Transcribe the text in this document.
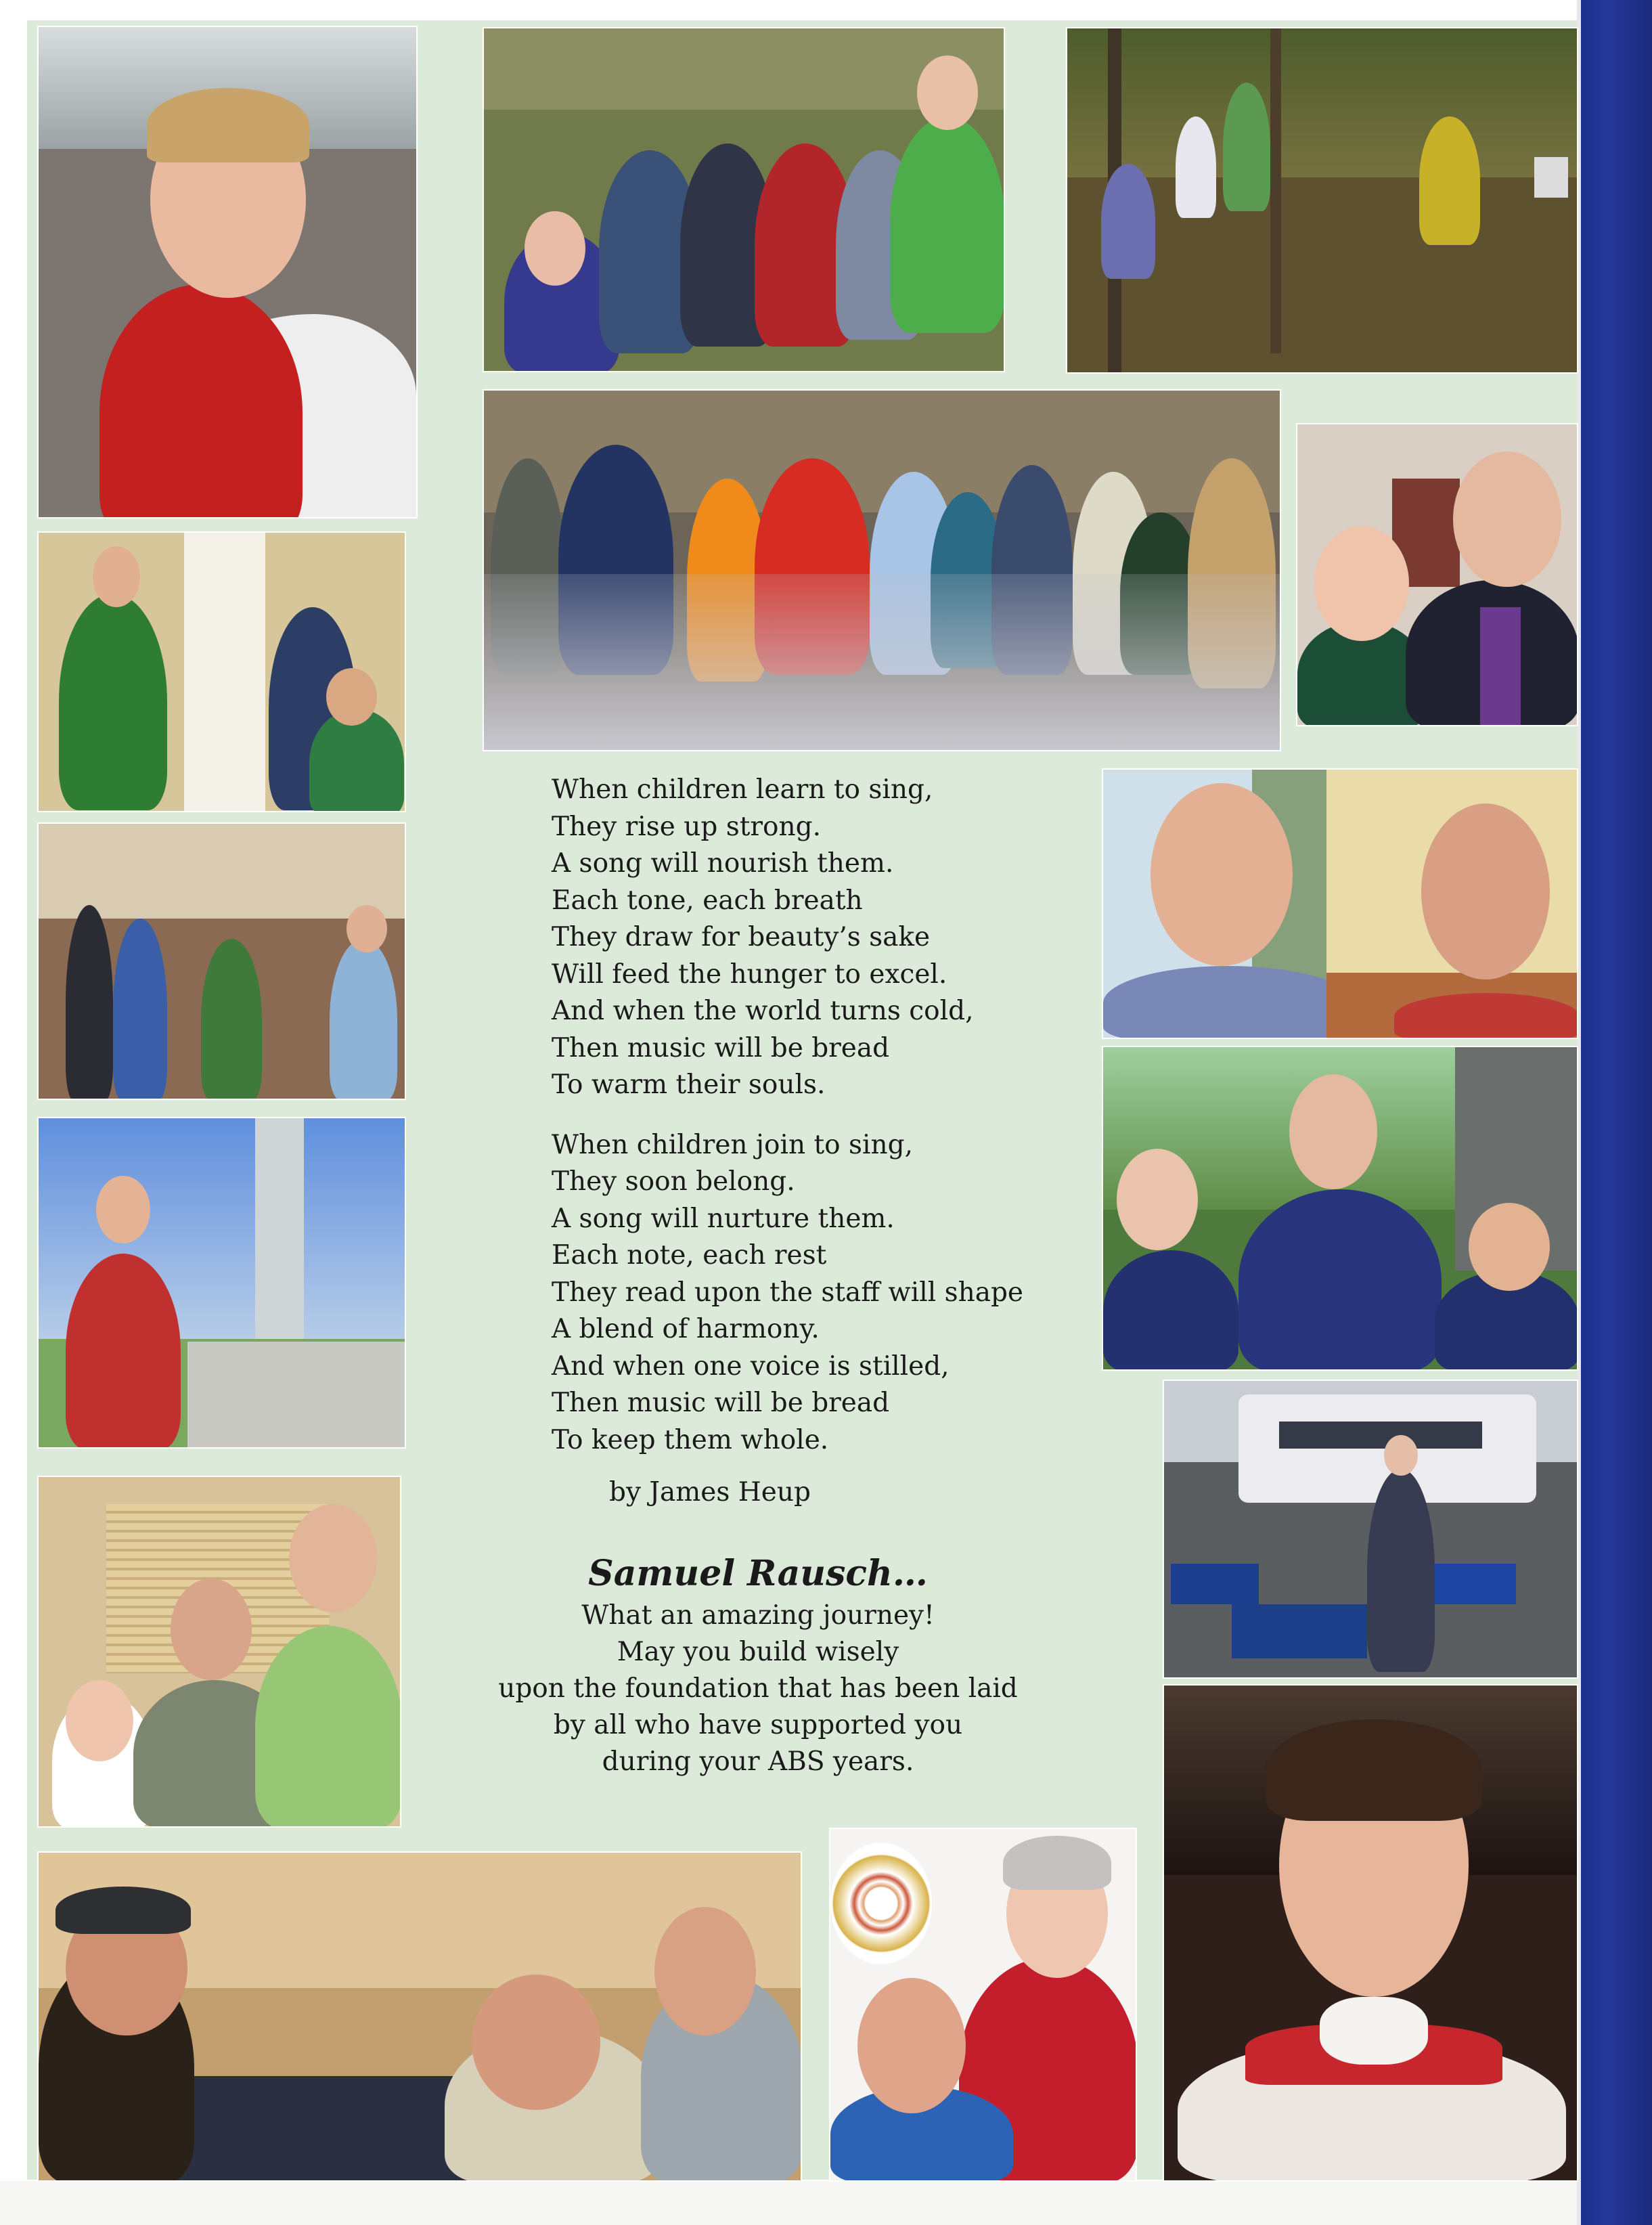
When children learn to sing,
They rise up strong.
A song will nourish them.
Each tone, each breath
They draw for beauty’s sake
Will feed the hunger to excel.
And when the world turns cold,
Then music will be bread
To warm their souls.
When children join to sing,
They soon belong.
A song will nurture them.
Each note, each rest
They read upon the staff will shape
A blend of harmony.
And when one voice is stilled,
Then music will be bread
To keep them whole.
by James Heup
Samuel Rausch…
What an amazing journey!
May you build wisely
upon the foundation that has been laid
by all who have supported you
during your ABS years.
